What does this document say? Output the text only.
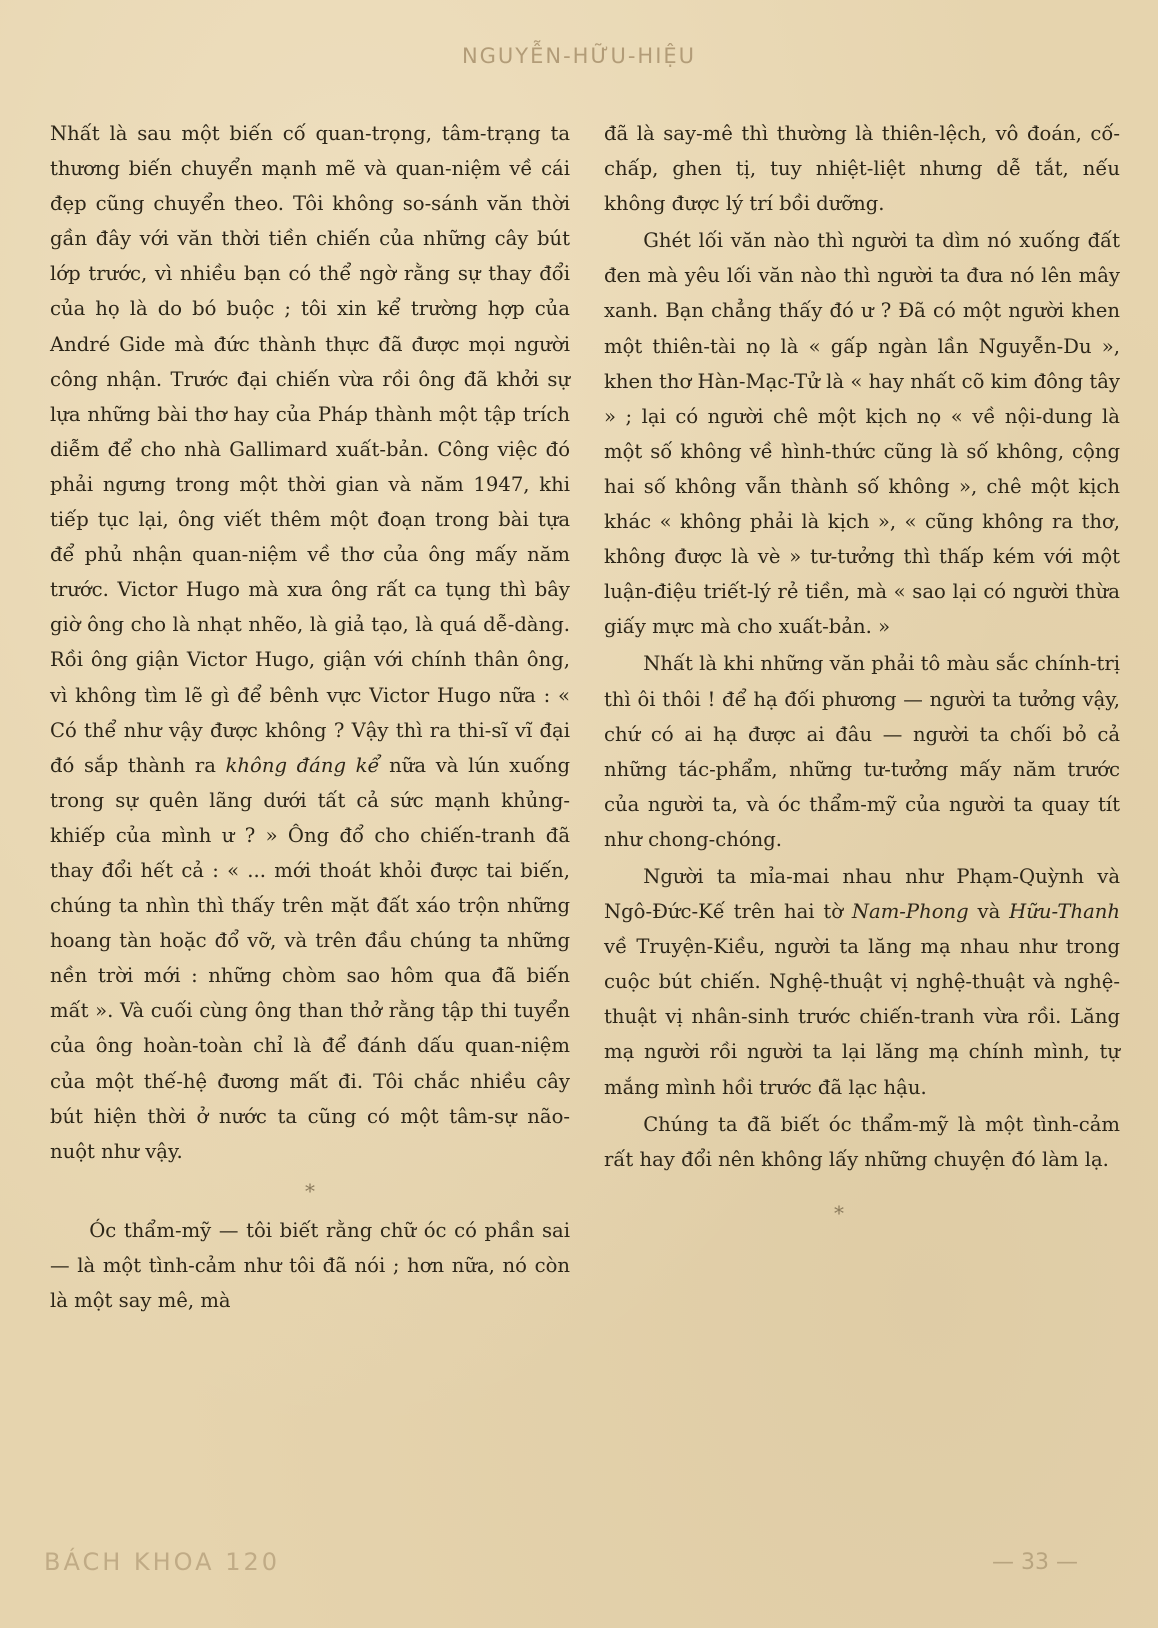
NGUYỄN-HỮU-HIỆU

Nhất là sau một biến cố quan-trọng, tâm-trạng ta thương biến chuyển mạnh mẽ và quan-niệm về cái đẹp cũng chuyển theo. Tôi không so-sánh văn thời gần đây với văn thời tiền chiến của những cây bút lớp trước, vì nhiều bạn có thể ngờ rằng sự thay đổi của họ là do bó buộc ; tôi xin kể trường hợp của André Gide mà đức thành thực đã được mọi người công nhận. Trước đại chiến vừa rồi ông đã khởi sự lựa những bài thơ hay của Pháp thành một tập trích diễm để cho nhà Gallimard xuất-bản. Công việc đó phải ngưng trong một thời gian và năm 1947, khi tiếp tục lại, ông viết thêm một đoạn trong bài tựa để phủ nhận quan-niệm về thơ của ông mấy năm trước. Victor Hugo mà xưa ông rất ca tụng thì bây giờ ông cho là nhạt nhẽo, là giả tạo, là quá dễ-dàng. Rồi ông giận Victor Hugo, giận với chính thân ông, vì không tìm lẽ gì để bênh vực Victor Hugo nữa : « Có thể như vậy được không ? Vậy thì ra thi-sĩ vĩ đại đó sắp thành ra không đáng kể nữa và lún xuống trong sự quên lãng dưới tất cả sức mạnh khủng-khiếp của mình ư ? » Ông đổ cho chiến-tranh đã thay đổi hết cả : « ... mới thoát khỏi được tai biến, chúng ta nhìn thì thấy trên mặt đất xáo trộn những hoang tàn hoặc đổ vỡ, và trên đầu chúng ta những nền trời mới : những chòm sao hôm qua đã biến mất ». Và cuối cùng ông than thở rằng tập thi tuyển của ông hoàn-toàn chỉ là để đánh dấu quan-niệm của một thế-hệ đương mất đi. Tôi chắc nhiều cây bút hiện thời ở nước ta cũng có một tâm-sự não-nuột như vậy.

*

Óc thẩm-mỹ — tôi biết rằng chữ óc có phần sai — là một tình-cảm như tôi đã nói ; hơn nữa, nó còn là một say mê, mà

đã là say-mê thì thường là thiên-lệch, vô đoán, cố-chấp, ghen tị, tuy nhiệt-liệt nhưng dễ tắt, nếu không được lý trí bồi dưỡng.

Ghét lối văn nào thì người ta dìm nó xuống đất đen mà yêu lối văn nào thì người ta đưa nó lên mây xanh. Bạn chẳng thấy đó ư ? Đã có một người khen một thiên-tài nọ là « gấp ngàn lần Nguyễn-Du », khen thơ Hàn-Mạc-Tử là « hay nhất cõ kim đông tây » ; lại có người chê một kịch nọ « về nội-dung là một số không về hình-thức cũng là số không, cộng hai số không vẫn thành số không », chê một kịch khác « không phải là kịch », « cũng không ra thơ, không được là vè » tư-tưởng thì thấp kém với một luận-điệu triết-lý rẻ tiền, mà « sao lại có người thừa giấy mực mà cho xuất-bản. »

Nhất là khi những văn phải tô màu sắc chính-trị thì ôi thôi ! để hạ đối phương — người ta tưởng vậy, chứ có ai hạ được ai đâu — người ta chối bỏ cả những tác-phẩm, những tư-tưởng mấy năm trước của người ta, và óc thẩm-mỹ của người ta quay tít như chong-chóng.

Người ta mỉa-mai nhau như Phạm-Quỳnh và Ngô-Đức-Kế trên hai tờ Nam-Phong và Hữu-Thanh về Truyện-Kiều, người ta lăng mạ nhau như trong cuộc bút chiến. Nghệ-thuật vị nghệ-thuật và nghệ-thuật vị nhân-sinh trước chiến-tranh vừa rồi. Lăng mạ người rồi người ta lại lăng mạ chính mình, tự mắng mình hồi trước đã lạc hậu.

Chúng ta đã biết óc thẩm-mỹ là một tình-cảm rất hay đổi nên không lấy những chuyện đó làm lạ.

*
BÁCH KHOA 120	— 33 —
